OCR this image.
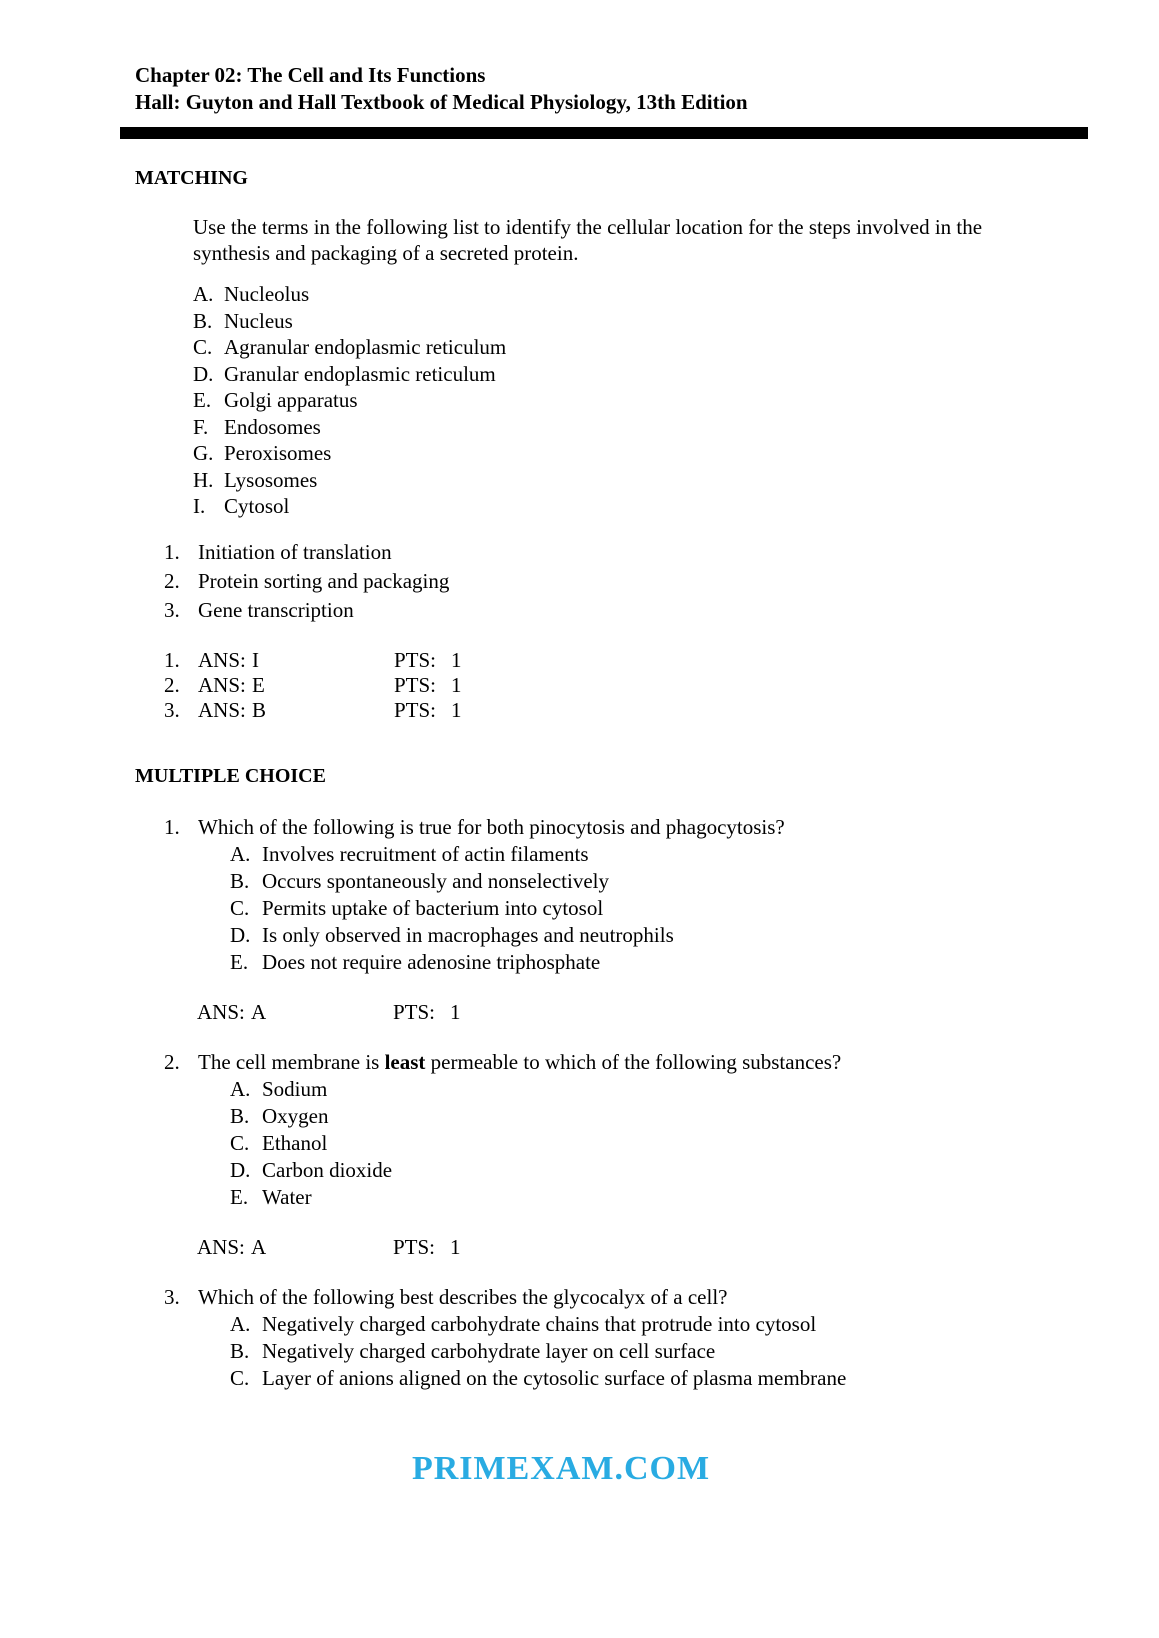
Chapter 02: The Cell and Its Functions
Hall: Guyton and Hall Textbook of Medical Physiology, 13th Edition
MATCHING
Use the terms in the following list to identify the cellular location for the steps involved in the
synthesis and packaging of a secreted protein.
A. Nucleolus
B. Nucleus
C. Agranular endoplasmic reticulum
D. Granular endoplasmic reticulum
E. Golgi apparatus
F. Endosomes
G. Peroxisomes
H. Lysosomes
I. Cytosol
1. Initiation of translation
2. Protein sorting and packaging
3. Gene transcription
1. ANS: I	PTS: 1
2. ANS: E	PTS: 1
3. ANS: B	PTS: 1
MULTIPLE CHOICE
1. Which of the following is true for both pinocytosis and phagocytosis?
A. Involves recruitment of actin filaments
B. Occurs spontaneously and nonselectively
C. Permits uptake of bacterium into cytosol
D. Is only observed in macrophages and neutrophils
E. Does not require adenosine triphosphate
ANS: A	PTS: 1
2. The cell membrane is least permeable to which of the following substances?
A. Sodium
B. Oxygen
C. Ethanol
D. Carbon dioxide
E. Water
ANS: A	PTS: 1
3. Which of the following best describes the glycocalyx of a cell?
A. Negatively charged carbohydrate chains that protrude into cytosol
B. Negatively charged carbohydrate layer on cell surface
C. Layer of anions aligned on the cytosolic surface of plasma membrane
PRIMEXAM.COM
